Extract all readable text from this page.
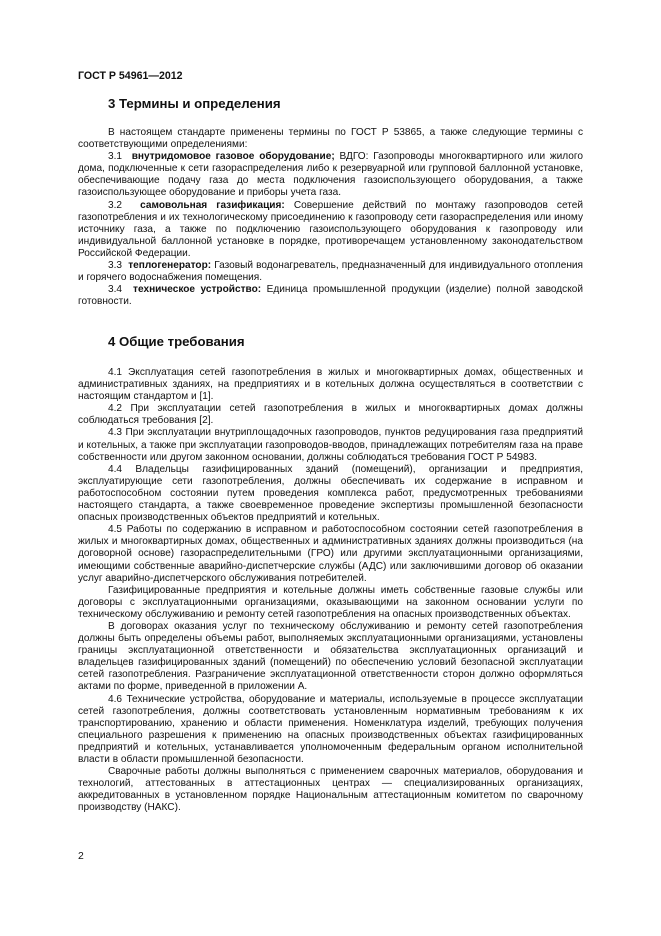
ГОСТ Р 54961—2012
3 Термины и определения

В настоящем стандарте применены термины по ГОСТ Р 53865, а также следующие термины с соответствующими определениями:

3.1 внутридомовое газовое оборудование; ВДГО: Газопроводы многоквартирного или жилого дома, подключенные к сети газораспределения либо к резервуарной или групповой баллонной установке, обеспечивающие подачу газа до места подключения газоиспользующего оборудования, а также газоиспользующее оборудование и приборы учета газа.

3.2 самовольная газификация: Совершение действий по монтажу газопроводов сетей газопотребления и их технологическому присоединению к газопроводу сети газораспределения или иному источнику газа, а также по подключению газоиспользующего оборудования к газопроводу или индивидуальной баллонной установке в порядке, противоречащем установленному законодательством Российской Федерации.

3.3 теплогенератор: Газовый водонагреватель, предназначенный для индивидуального отопления и горячего водоснабжения помещения.

3.4 техническое устройство: Единица промышленной продукции (изделие) полной заводской готовности.

4 Общие требования

4.1 Эксплуатация сетей газопотребления в жилых и многоквартирных домах, общественных и административных зданиях, на предприятиях и в котельных должна осуществляться в соответствии с настоящим стандартом и [1].

4.2 При эксплуатации сетей газопотребления в жилых и многоквартирных домах должны соблюдаться требования [2].

4.3 При эксплуатации внутриплощадочных газопроводов, пунктов редуцирования газа предприятий и котельных, а также при эксплуатации газопроводов-вводов, принадлежащих потребителям газа на праве собственности или другом законном основании, должны соблюдаться требования ГОСТ Р 54983.

4.4 Владельцы газифицированных зданий (помещений), организации и предприятия, эксплуатирующие сети газопотребления, должны обеспечивать их содержание в исправном и работоспособном состоянии путем проведения комплекса работ, предусмотренных требованиями настоящего стандарта, а также своевременное проведение экспертизы промышленной безопасности опасных производственных объектов предприятий и котельных.

4.5 Работы по содержанию в исправном и работоспособном состоянии сетей газопотребления в жилых и многоквартирных домах, общественных и административных зданиях должны производиться (на договорной основе) газораспределительными (ГРО) или другими эксплуатационными организациями, имеющими собственные аварийно-диспетчерские службы (АДС) или заключившими договор об оказании услуг аварийно-диспетчерского обслуживания потребителей.

Газифицированные предприятия и котельные должны иметь собственные газовые службы или договоры с эксплуатационными организациями, оказывающими на законном основании услуги по техническому обслуживанию и ремонту сетей газопотребления на опасных производственных объектах.

В договорах оказания услуг по техническому обслуживанию и ремонту сетей газопотребления должны быть определены объемы работ, выполняемых эксплуатационными организациями, установлены границы эксплуатационной ответственности и обязательства эксплуатационных организаций и владельцев газифицированных зданий (помещений) по обеспечению условий безопасной эксплуатации сетей газопотребления. Разграничение эксплуатационной ответственности сторон должно оформляться актами по форме, приведенной в приложении А.

4.6 Технические устройства, оборудование и материалы, используемые в процессе эксплуатации сетей газопотребления, должны соответствовать установленным нормативным требованиям к их транспортированию, хранению и области применения. Номенклатура изделий, требующих получения специального разрешения к применению на опасных производственных объектах газифицированных предприятий и котельных, устанавливается уполномоченным федеральным органом исполнительной власти в области промышленной безопасности.

Сварочные работы должны выполняться с применением сварочных материалов, оборудования и технологий, аттестованных в аттестационных центрах — специализированных организациях, аккредитованных в установленном порядке Национальным аттестационным комитетом по сварочному производству (НАКС).

2
